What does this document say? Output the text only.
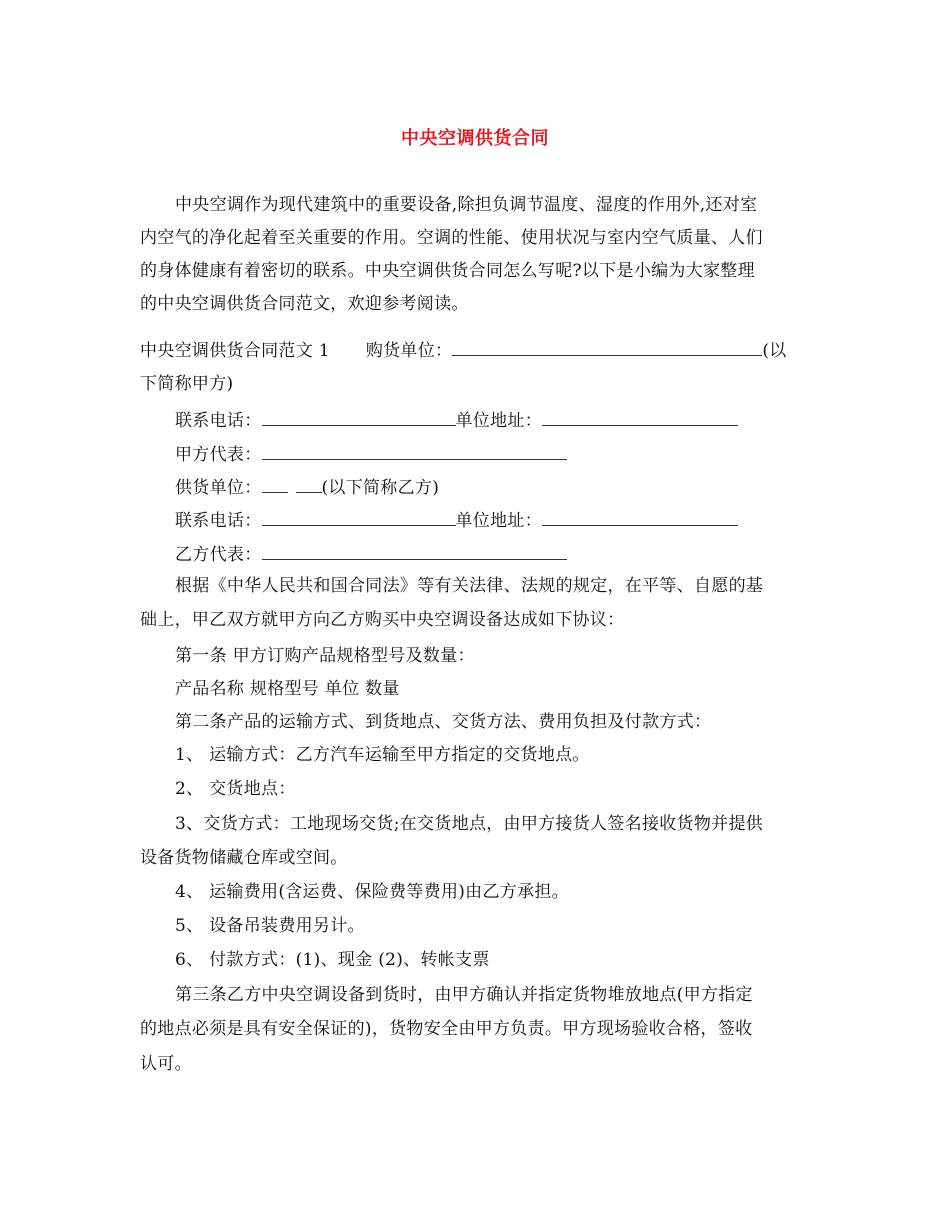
中央空调供货合同
中央空调作为现代建筑中的重要设备,除担负调节温度、湿度的作用外,还对室
内空气的净化起着至关重要的作用。空调的性能、使用状况与室内空气质量、人们
的身体健康有着密切的联系。中央空调供货合同怎么写呢?以下是小编为大家整理
的中央空调供货合同范文，欢迎参考阅读。
中央空调供货合同范文 1 购货单位：	(以
下简称甲方)
联系电话：	单位地址：
甲方代表：
供货单位：	(以下简称乙方)
联系电话：	单位地址：
乙方代表：
根据《中华人民共和国合同法》等有关法律、法规的规定，在平等、自愿的基
础上，甲乙双方就甲方向乙方购买中央空调设备达成如下协议：
第一条 甲方订购产品规格型号及数量：
产品名称 规格型号 单位 数量
第二条产品的运输方式、到货地点、交货方法、费用负担及付款方式：
1、 运输方式：乙方汽车运输至甲方指定的交货地点。
2、 交货地点：
3、交货方式：工地现场交货;在交货地点，由甲方接货人签名接收货物并提供
设备货物储藏仓库或空间。
4、 运输费用(含运费、保险费等费用)由乙方承担。
5、 设备吊装费用另计。
6、 付款方式：(1)、现金 (2)、转帐支票
第三条乙方中央空调设备到货时，由甲方确认并指定货物堆放地点(甲方指定
的地点必须是具有安全保证的)，货物安全由甲方负责。甲方现场验收合格，签收
认可。
